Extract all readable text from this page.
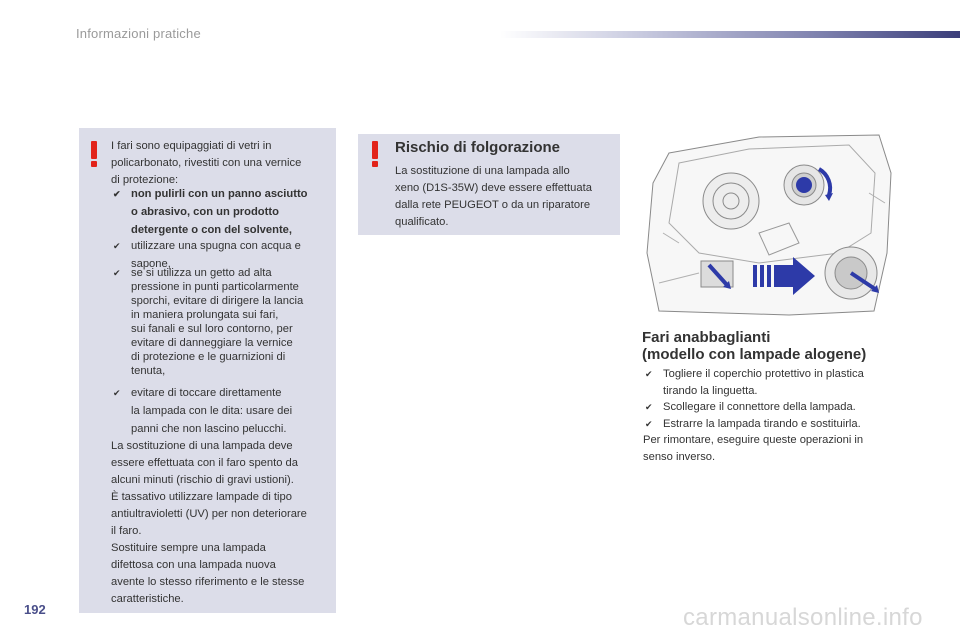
Informazioni pratiche
I fari sono equipaggiati di vetri in
policarbonato, rivestiti con una vernice
di protezione:
✔ non pulirli con un panno asciutto
o abrasivo, con un prodotto
detergente o con del solvente,
✔ utilizzare una spugna con acqua e
sapone,
✔ se si utilizza un getto ad alta
pressione in punti particolarmente
sporchi, evitare di dirigere la lancia
in maniera prolungata sui fari,
sui fanali e sul loro contorno, per
evitare di danneggiare la vernice
di protezione e le guarnizioni di
tenuta,
✔ evitare di toccare direttamente
la lampada con le dita: usare dei
panni che non lascino pelucchi.
La sostituzione di una lampada deve
essere effettuata con il faro spento da
alcuni minuti (rischio di gravi ustioni).
È tassativo utilizzare lampade di tipo
antiultravioletti (UV) per non deteriorare
il faro.
Sostituire sempre una lampada
difettosa con una lampada nuova
avente lo stesso riferimento e le stesse
caratteristiche.
Rischio di folgorazione
La sostituzione di una lampada allo
xeno (D1S-35W) deve essere effettuata
dalla rete PEUGEOT o da un riparatore
qualificato.
Fari anabbaglianti
(modello con lampade alogene)
✔ Togliere il coperchio protettivo in plastica
tirando la linguetta.
✔ Scollegare il connettore della lampada.
✔ Estrarre la lampada tirando e sostituirla.
Per rimontare, eseguire queste operazioni in
senso inverso.
192	carmanualsonline.info
